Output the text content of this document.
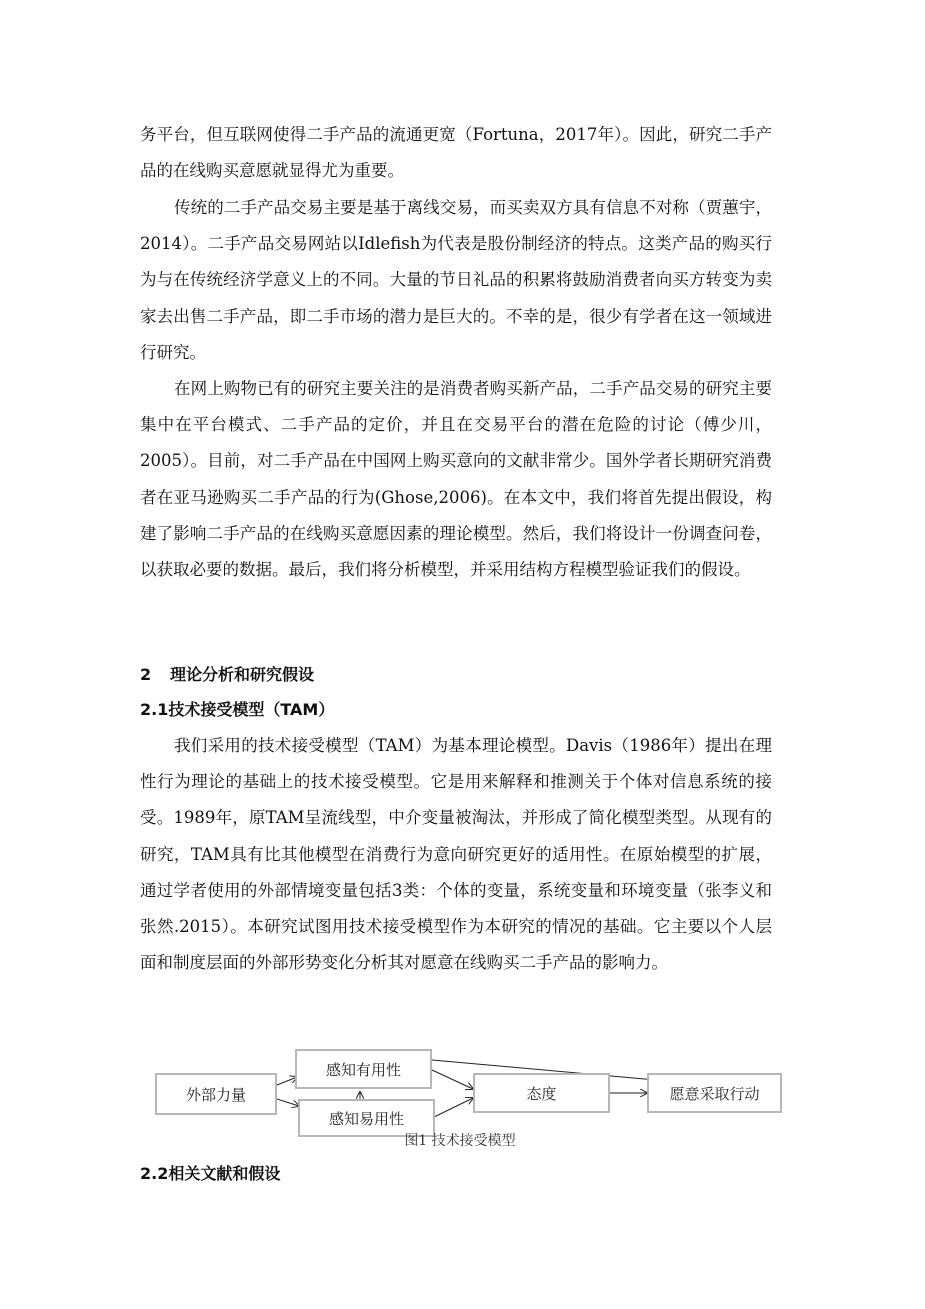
务平台，但互联网使得二手产品的流通更宽（Fortuna，2017年）。因此，研究二手产品的在线购买意愿就显得尤为重要。

传统的二手产品交易主要是基于离线交易，而买卖双方具有信息不对称（贾蕙宇，2014）。二手产品交易网站以Idlefish为代表是股份制经济的特点。这类产品的购买行为与在传统经济学意义上的不同。大量的节日礼品的积累将鼓励消费者向买方转变为卖家去出售二手产品，即二手市场的潜力是巨大的。不幸的是，很少有学者在这一领域进行研究。

在网上购物已有的研究主要关注的是消费者购买新产品，二手产品交易的研究主要集中在平台模式、二手产品的定价，并且在交易平台的潜在危险的讨论（傅少川，2005）。目前，对二手产品在中国网上购买意向的文献非常少。国外学者长期研究消费者在亚马逊购买二手产品的行为(Ghose,2006)。在本文中，我们将首先提出假设，构建了影响二手产品的在线购买意愿因素的理论模型。然后，我们将设计一份调查问卷，以获取必要的数据。最后，我们将分析模型，并采用结构方程模型验证我们的假设。

2 理论分析和研究假设
2.1技术接受模型（TAM）

我们采用的技术接受模型（TAM）为基本理论模型。Davis（1986年）提出在理性行为理论的基础上的技术接受模型。它是用来解释和推测关于个体对信息系统的接受。1989年，原TAM呈流线型，中介变量被淘汰，并形成了简化模型类型。从现有的研究，TAM具有比其他模型在消费行为意向研究更好的适用性。在原始模型的扩展，通过学者使用的外部情境变量包括3类：个体的变量，系统变量和环境变量（张李义和张然.2015）。本研究试图用技术接受模型作为本研究的情况的基础。它主要以个人层面和制度层面的外部形势变化分析其对愿意在线购买二手产品的影响力。

外部力量
感知有用性
感知易用性
态度	愿意采取行动
图1 技术接受模型
2.2相关文献和假设
